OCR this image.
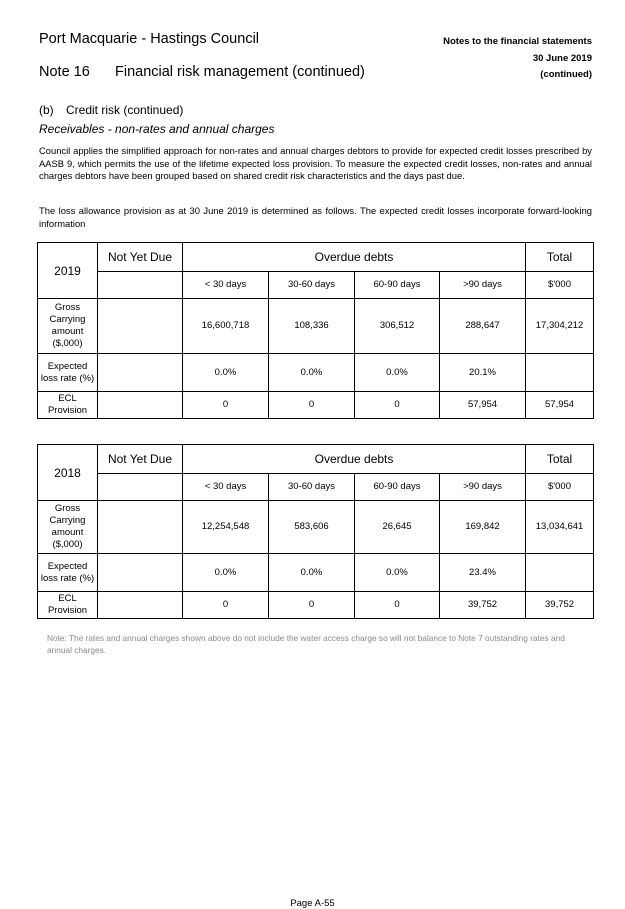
Port Macquarie - Hastings Council
Note 16 Financial risk management (continued)
Notes to the financial statements
30 June 2019
(continued)
(b) Credit risk (continued)
Receivables - non-rates and annual charges
Council applies the simplified approach for non-rates and annual charges debtors to provide for expected credit losses prescribed by AASB 9, which permits the use of the lifetime expected loss provision. To measure the expected credit losses, non-rates and annual charges debtors have been grouped based on shared credit risk characteristics and the days past due.
The loss allowance provision as at 30 June 2019 is determined as follows. The expected credit losses incorporate forward-looking information
2019	Not Yet Due	Overdue debts				Total
		< 30 days	30-60 days	60-90 days	>90 days	$'000
Gross Carrying amount ($,000)		16,600,718	108,336	306,512	288,647	17,304,212
Expected loss rate (%)		0.0%	0.0%	0.0%	20.1%	
ECL Provision		0	0	0	57,954	57,954
2018	Not Yet Due	Overdue debts				Total
		< 30 days	30-60 days	60-90 days	>90 days	$'000
Gross Carrying amount ($,000)		12,254,548	583,606	26,645	169,842	13,034,641
Expected loss rate (%)		0.0%	0.0%	0.0%	23.4%	
ECL Provision		0	0	0	39,752	39,752
Note: The rates and annual charges shown above do not include the water access charge so will not balance to Note 7 outstanding rates and annual charges.
Page A-55
